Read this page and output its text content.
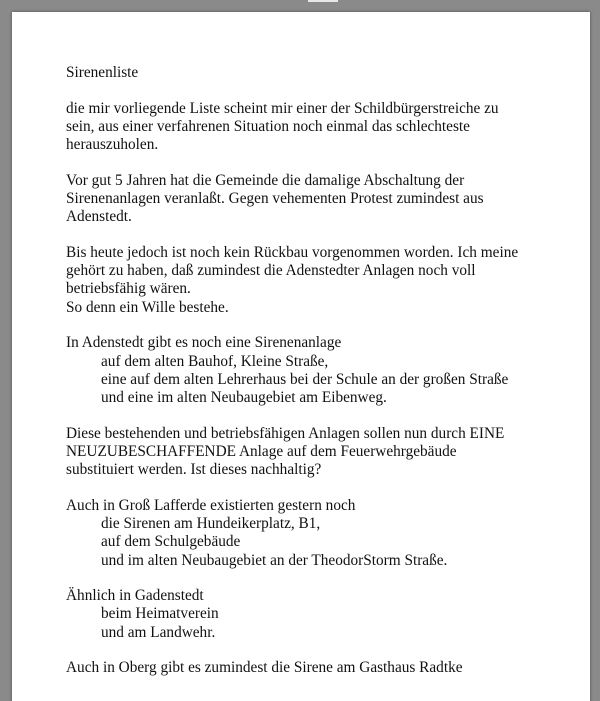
Sirenenliste
die mir vorliegende Liste scheint mir einer der Schildbürgerstreiche zu
sein, aus einer verfahrenen Situation noch einmal das schlechteste
herauszuholen.
Vor gut 5 Jahren hat die Gemeinde die damalige Abschaltung der
Sirenenanlagen veranlaßt. Gegen vehementen Protest zumindest aus
Adenstedt.
Bis heute jedoch ist noch kein Rückbau vorgenommen worden. Ich meine
gehört zu haben, daß zumindest die Adenstedter Anlagen noch voll
betriebsfähig wären.
So denn ein Wille bestehe.
In Adenstedt gibt es noch eine Sirenenanlage
auf dem alten Bauhof, Kleine Straße,
eine auf dem alten Lehrerhaus bei der Schule an der großen Straße
und eine im alten Neubaugebiet am Eibenweg.
Diese bestehenden und betriebsfähigen Anlagen sollen nun durch EINE
NEUZUBESCHAFFENDE Anlage auf dem Feuerwehrgebäude
substituiert werden. Ist dieses nachhaltig?
Auch in Groß Lafferde existierten gestern noch
die Sirenen am Hundeikerplatz, B1,
auf dem Schulgebäude
und im alten Neubaugebiet an der TheodorStorm Straße.
Ähnlich in Gadenstedt
beim Heimatverein
und am Landwehr.
Auch in Oberg gibt es zumindest die Sirene am Gasthaus Radtke
